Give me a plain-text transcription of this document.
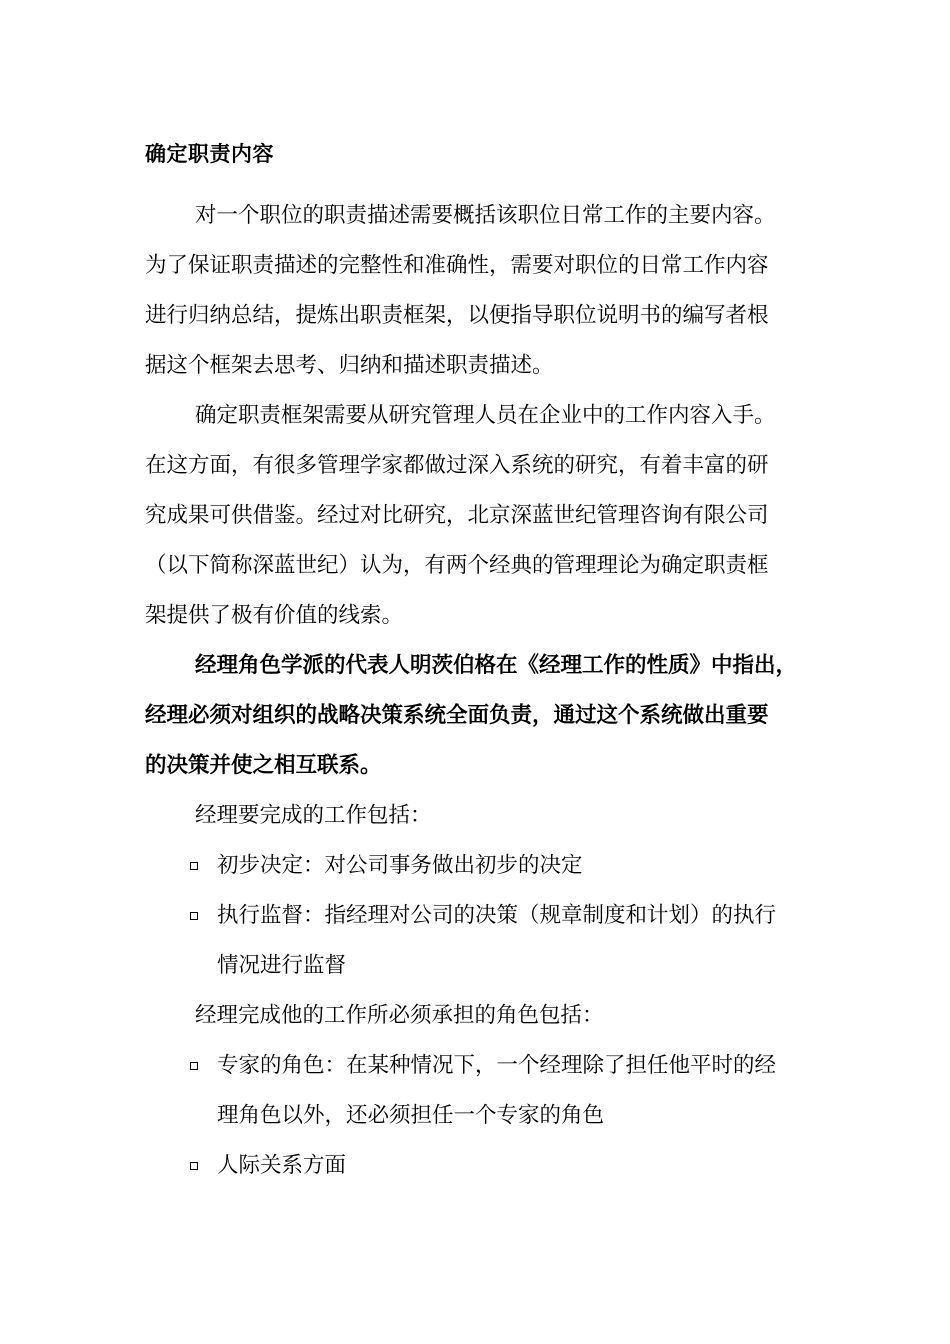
确定职责内容
对一个职位的职责描述需要概括该职位日常工作的主要内容。
为了保证职责描述的完整性和准确性，需要对职位的日常工作内容
进行归纳总结，提炼出职责框架，以便指导职位说明书的编写者根
据这个框架去思考、归纳和描述职责描述。
确定职责框架需要从研究管理人员在企业中的工作内容入手。
在这方面，有很多管理学家都做过深入系统的研究，有着丰富的研
究成果可供借鉴。经过对比研究，北京深蓝世纪管理咨询有限公司
（以下简称深蓝世纪）认为，有两个经典的管理理论为确定职责框
架提供了极有价值的线索。
经理角色学派的代表人明茨伯格在《经理工作的性质》中指出，
经理必须对组织的战略决策系统全面负责，通过这个系统做出重要
的决策并使之相互联系。
经理要完成的工作包括：
初步决定：对公司事务做出初步的决定
执行监督：指经理对公司的决策（规章制度和计划）的执行
情况进行监督
经理完成他的工作所必须承担的角色包括：
专家的角色：在某种情况下，一个经理除了担任他平时的经
理角色以外，还必须担任一个专家的角色
人际关系方面
